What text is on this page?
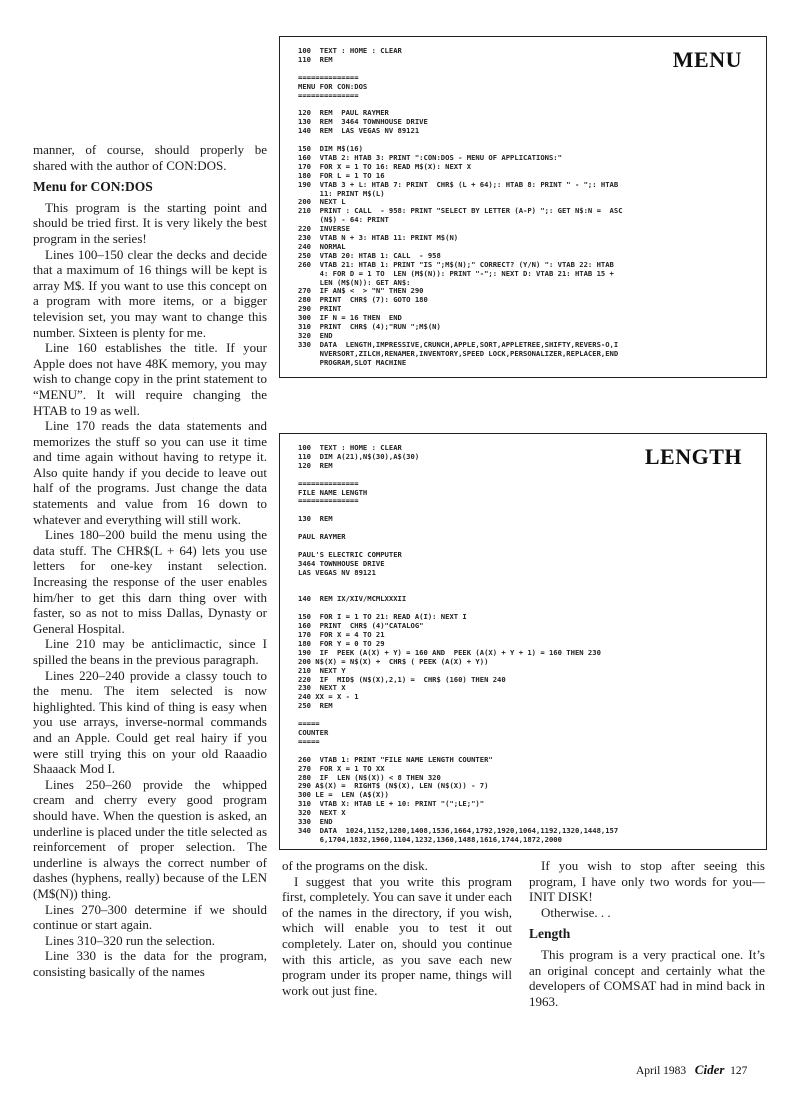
MENU
100  TEXT : HOME : CLEAR
110  REM

==============
MENU FOR CON:DOS
==============

120  REM  PAUL RAYMER
130  REM  3464 TOWNHOUSE DRIVE
140  REM  LAS VEGAS NV 89121

150  DIM M$(16)
160  VTAB 2: HTAB 3: PRINT ":CON:DOS - MENU OF APPLICATIONS:"
170  FOR X = 1 TO 16: READ M$(X): NEXT X
180  FOR L = 1 TO 16
190  VTAB 3 + L: HTAB 7: PRINT  CHR$ (L + 64);: HTAB 8: PRINT " - ";: HTAB
11: PRINT M$(L)
200  NEXT L
210  PRINT : CALL  - 958: PRINT "SELECT BY LETTER (A-P) ";: GET N$:N =  ASC
(N$) - 64: PRINT
220  INVERSE
230  VTAB N + 3: HTAB 11: PRINT M$(N)
240  NORMAL
250  VTAB 20: HTAB 1: CALL  - 958
260  VTAB 21: HTAB 1: PRINT "IS ";M$(N);" CORRECT? (Y/N) ": VTAB 22: HTAB
4: FOR D = 1 TO  LEN (M$(N)): PRINT "-";: NEXT D: VTAB 21: HTAB 15 +
LEN (M$(N)): GET AN$:
270  IF AN$ <  > "N" THEN 290
280  PRINT  CHR$ (7): GOTO 180
290  PRINT
300  IF N = 16 THEN  END
310  PRINT  CHR$ (4);"RUN ";M$(N)
320  END
330  DATA  LENGTH,IMPRESSIVE,CRUNCH,APPLE,SORT,APPLETREE,SHIFTY,REVERS-O,I
NVERSORT,ZILCH,RENAMER,INVENTORY,SPEED LOCK,PERSONALIZER,REPLACER,END
PROGRAM,SLOT MACHINE
LENGTH
100  TEXT : HOME : CLEAR
110  DIM A(21),N$(30),A$(30)
120  REM

==============
FILE NAME LENGTH
==============

130  REM

PAUL RAYMER

PAUL'S ELECTRIC COMPUTER
3464 TOWNHOUSE DRIVE
LAS VEGAS NV 89121

140  REM IX/XIV/MCMLXXXII

150  FOR I = 1 TO 21: READ A(I): NEXT I
160  PRINT  CHR$ (4)"CATALOG"
170  FOR X = 4 TO 21
180  FOR Y = 0 TO 29
190  IF  PEEK (A(X) + Y) = 160 AND  PEEK (A(X) + Y + 1) = 160 THEN 230
200 N$(X) = N$(X) +  CHR$ ( PEEK (A(X) + Y))
210  NEXT Y
220  IF  MID$ (N$(X),2,1) =  CHR$ (160) THEN 240
230  NEXT X
240 XX = X - 1
250  REM

=====
COUNTER
=====

260  VTAB 1: PRINT "FILE NAME LENGTH COUNTER"
270  FOR X = 1 TO XX
280  IF  LEN (N$(X)) < 8 THEN 320
290 A$(X) =  RIGHT$ (N$(X), LEN (N$(X)) - 7)
300 LE =  LEN (A$(X))
310  VTAB X: HTAB LE + 10: PRINT "(";LE;")"
320  NEXT X
330  END
340  DATA  1024,1152,1280,1408,1536,1664,1792,1920,1064,1192,1320,1448,157
6,1704,1832,1960,1104,1232,1360,1488,1616,1744,1872,2000

manner, of course, should properly be shared with the author of CON:DOS.

Menu for CON:DOS

This program is the starting point and should be tried first. It is very likely the best program in the series!

Lines 100–150 clear the decks and decide that a maximum of 16 things will be kept is array M$. If you want to use this concept on a program with more items, or a bigger television set, you may want to change this number. Sixteen is plenty for me.

Line 160 establishes the title. If your Apple does not have 48K memory, you may wish to change copy in the print statement to “MENU”. It will require changing the HTAB to 19 as well.

Line 170 reads the data statements and memorizes the stuff so you can use it time and time again without having to retype it. Also quite handy if you decide to leave out half of the programs. Just change the data statements and value from 16 down to whatever and everything will still work.

Lines 180–200 build the menu using the data stuff. The CHR$(L + 64) lets you use letters for one-key instant selection. Increasing the response of the user enables him/her to get this darn thing over with faster, so as not to miss Dallas, Dynasty or General Hospital.

Line 210 may be anticlimactic, since I spilled the beans in the previous paragraph.

Lines 220–240 provide a classy touch to the menu. The item selected is now highlighted. This kind of thing is easy when you use arrays, inverse-normal commands and an Apple. Could get real hairy if you were still trying this on your old Raaadio Shaaack Mod I.

Lines 250–260 provide the whipped cream and cherry every good program should have. When the question is asked, an underline is placed under the title selected as reinforcement of proper selection. The underline is always the correct number of dashes (hyphens, really) because of the LEN (M$(N)) thing.

Lines 270–300 determine if we should continue or start again.

Lines 310–320 run the selection.

Line 330 is the data for the program, consisting basically of the names

of the programs on the disk.

I suggest that you write this program first, completely. You can save it under each of the names in the directory, if you wish, which will enable you to test it out completely. Later on, should you continue with this article, as you save each new program under its proper name, things will work out just fine.

If you wish to stop after seeing this program, I have only two words for you—INIT DISK!

Otherwise. . .

Length

This program is a very practical one. It’s an original concept and certainly what the developers of COMSAT had in mind back in 1963.

April 1983 Cider 127
